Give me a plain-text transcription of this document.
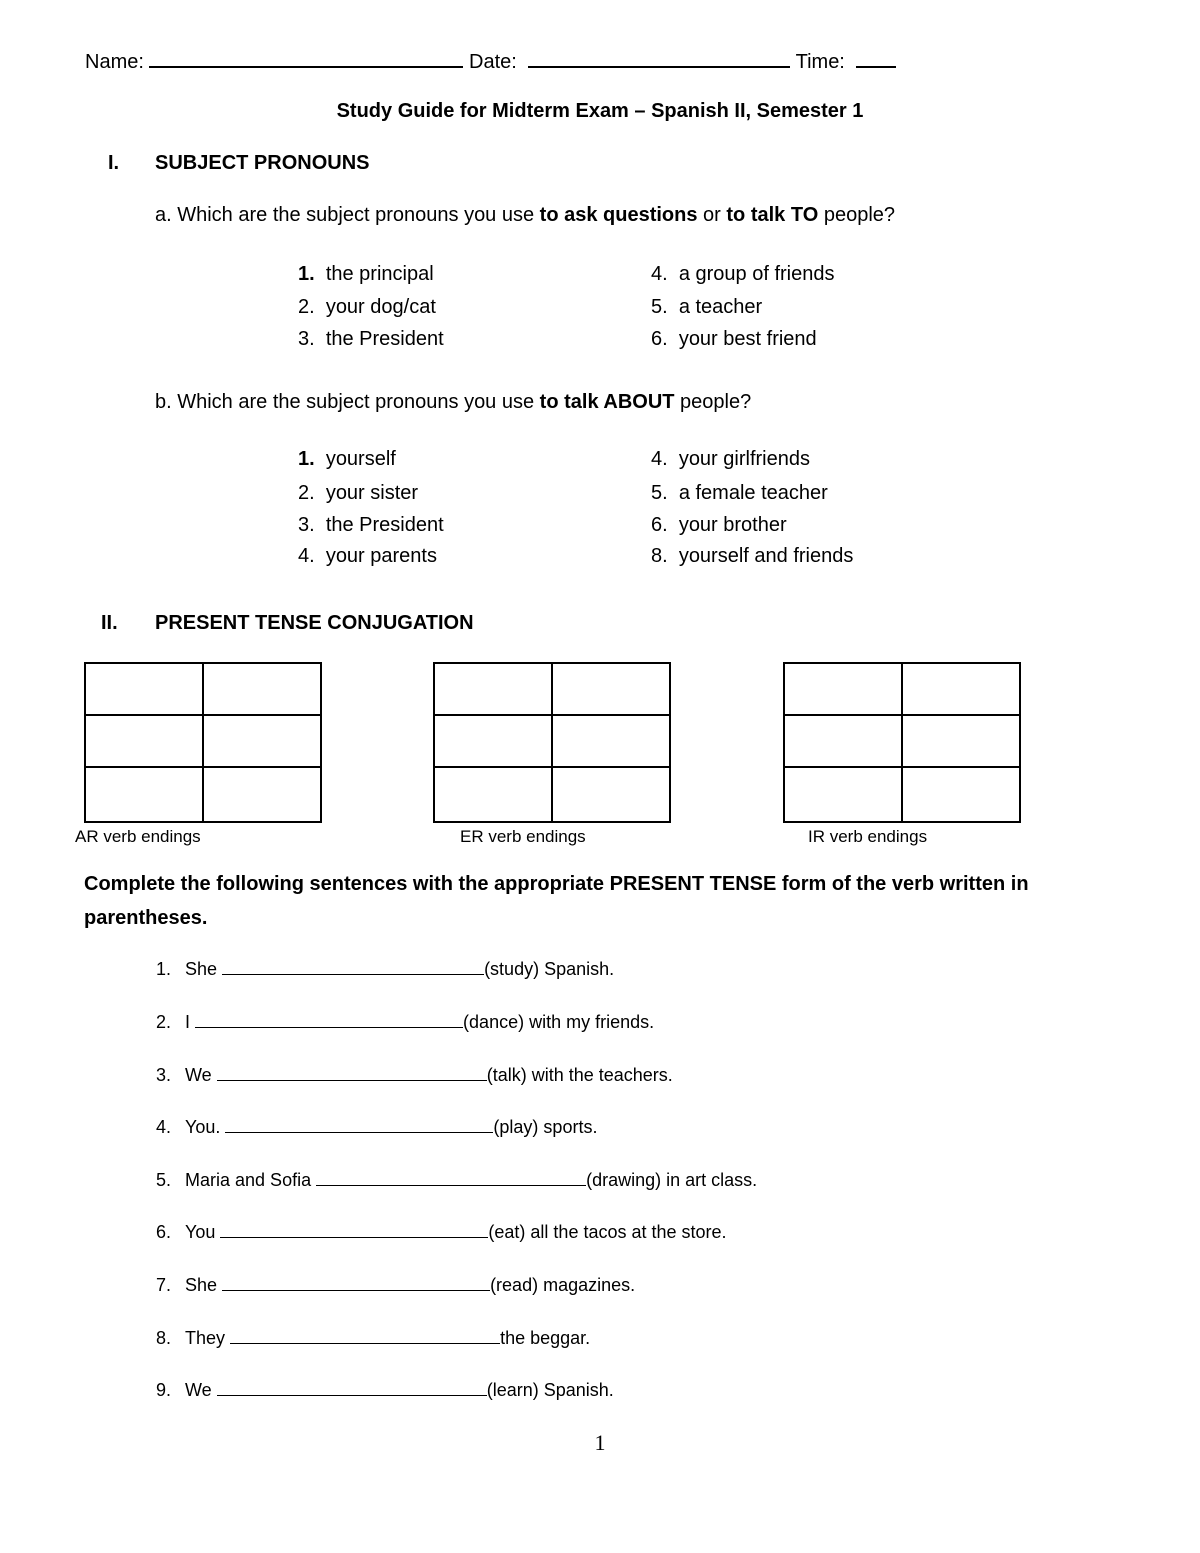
Name:	Date:	Time:
Study Guide for Midterm Exam – Spanish II, Semester 1
I. SUBJECT PRONOUNS
a. Which are the subject pronouns you use to ask questions or to talk TO people?
1. the principal
2. your dog/cat
3. the President
4. a group of friends
5. a teacher
6. your best friend
b. Which are the subject pronouns you use to talk ABOUT people?
1. yourself
2. your sister
3. the President
4. your parents
4. your girlfriends
5. a female teacher
6. your brother
8. yourself and friends
II. PRESENT TENSE CONJUGATION

AR verb endings	ER verb endings	IR verb endings
Complete the following sentences with the appropriate PRESENT TENSE form of the verb written in
parentheses.
1. She	(study) Spanish.
2. I	(dance) with my friends.
3. We	(talk) with the teachers.
4. You.	(play) sports.
5. Maria and Sofia	(drawing) in art class.
6. You	(eat) all the tacos at the store.
7. She	(read) magazines.
8. They	the beggar.
9. We	(learn) Spanish.
1
